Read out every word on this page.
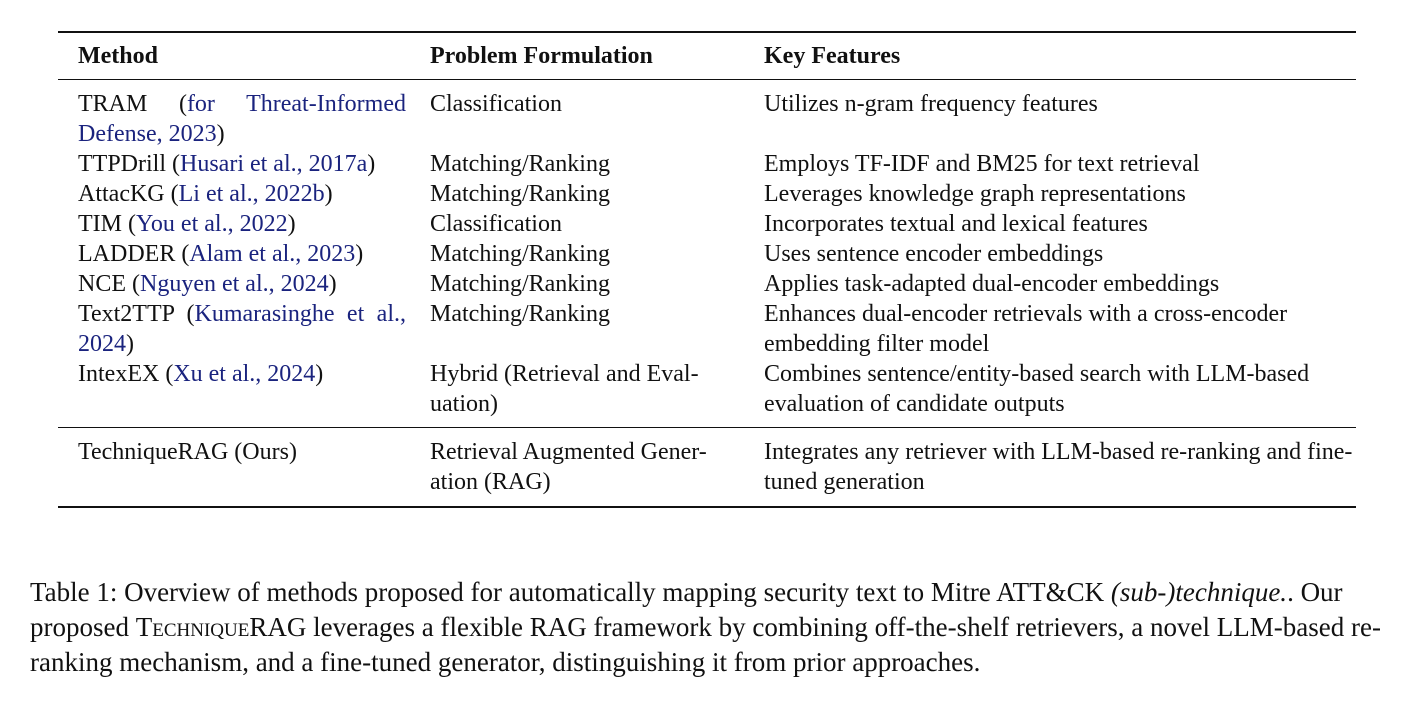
Method	Problem Formulation	Key Features
TRAM (for Threat-Informed Defense, 2023)	Classification	Utilizes n-gram frequency features
TTPDrill (Husari et al., 2017a)	Matching/Ranking	Employs TF-IDF and BM25 for text retrieval
AttacKG (Li et al., 2022b)	Matching/Ranking	Leverages knowledge graph representations
TIM (You et al., 2022)	Classification	Incorporates textual and lexical features
LADDER (Alam et al., 2023)	Matching/Ranking	Uses sentence encoder embeddings
NCE (Nguyen et al., 2024)	Matching/Ranking	Applies task-adapted dual-encoder embeddings
Text2TTP (Kumarasinghe et al., 2024)	Matching/Ranking	Enhances dual-encoder retrievals with a cross-encoder embedding filter model
IntexEX (Xu et al., 2024)	Hybrid (Retrieval and Eval-uation)	Combines sentence/entity-based search with LLM-based evaluation of candidate outputs

TechniqueRAG (Ours)	Retrieval Augmented Gener-ation (RAG)	Integrates any retriever with LLM-based re-ranking and fine-tuned generation
Table 1: Overview of methods proposed for automatically mapping security text to Mitre ATT&CK (sub-)technique.. Our proposed TechniqueRAG leverages a flexible RAG framework by combining off-the-shelf retrievers, a novel LLM-based re-ranking mechanism, and a fine-tuned generator, distinguishing it from prior approaches.
